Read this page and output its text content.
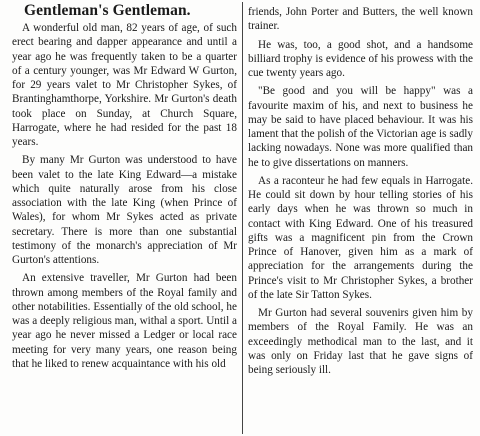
Gentleman's Gentleman.

A wonderful old man, 82 years of age, of such erect bearing and dapper appearance and until a year ago he was frequently taken to be a quarter of a century younger, was Mr Edward W Gurton, for 29 years valet to Mr Christopher Sykes, of Brantinghamthorpe, Yorkshire. Mr Gurton's death took place on Sunday, at Church Square, Harrogate, where he had resided for the past 18 years.

By many Mr Gurton was understood to have been valet to the late King Edward—a mistake which quite naturally arose from his close association with the late King (when Prince of Wales), for whom Mr Sykes acted as private secretary. There is more than one substantial testimony of the monarch's appreciation of Mr Gurton's attentions.

An extensive traveller, Mr Gurton had been thrown among members of the Royal family and other notabilities. Essentially of the old school, he was a deeply religious man, withal a sport. Until a year ago he never missed a Ledger or local race meeting for very many years, one reason being that he liked to renew acquaintance with his old

friends, John Porter and Butters, the well known trainer.

He was, too, a good shot, and a handsome billiard trophy is evidence of his prowess with the cue twenty years ago.

"Be good and you will be happy" was a favourite maxim of his, and next to business he may be said to have placed behaviour. It was his lament that the polish of the Victorian age is sadly lacking nowadays. None was more qualified than he to give dissertations on manners.

As a raconteur he had few equals in Harrogate. He could sit down by hour telling stories of his early days when he was thrown so much in contact with King Edward. One of his treasured gifts was a magnificent pin from the Crown Prince of Hanover, given him as a mark of appreciation for the arrangements during the Prince's visit to Mr Christopher Sykes, a brother of the late Sir Tatton Sykes.

Mr Gurton had several souvenirs given him by members of the Royal Family. He was an exceedingly methodical man to the last, and it was only on Friday last that he gave signs of being seriously ill.
